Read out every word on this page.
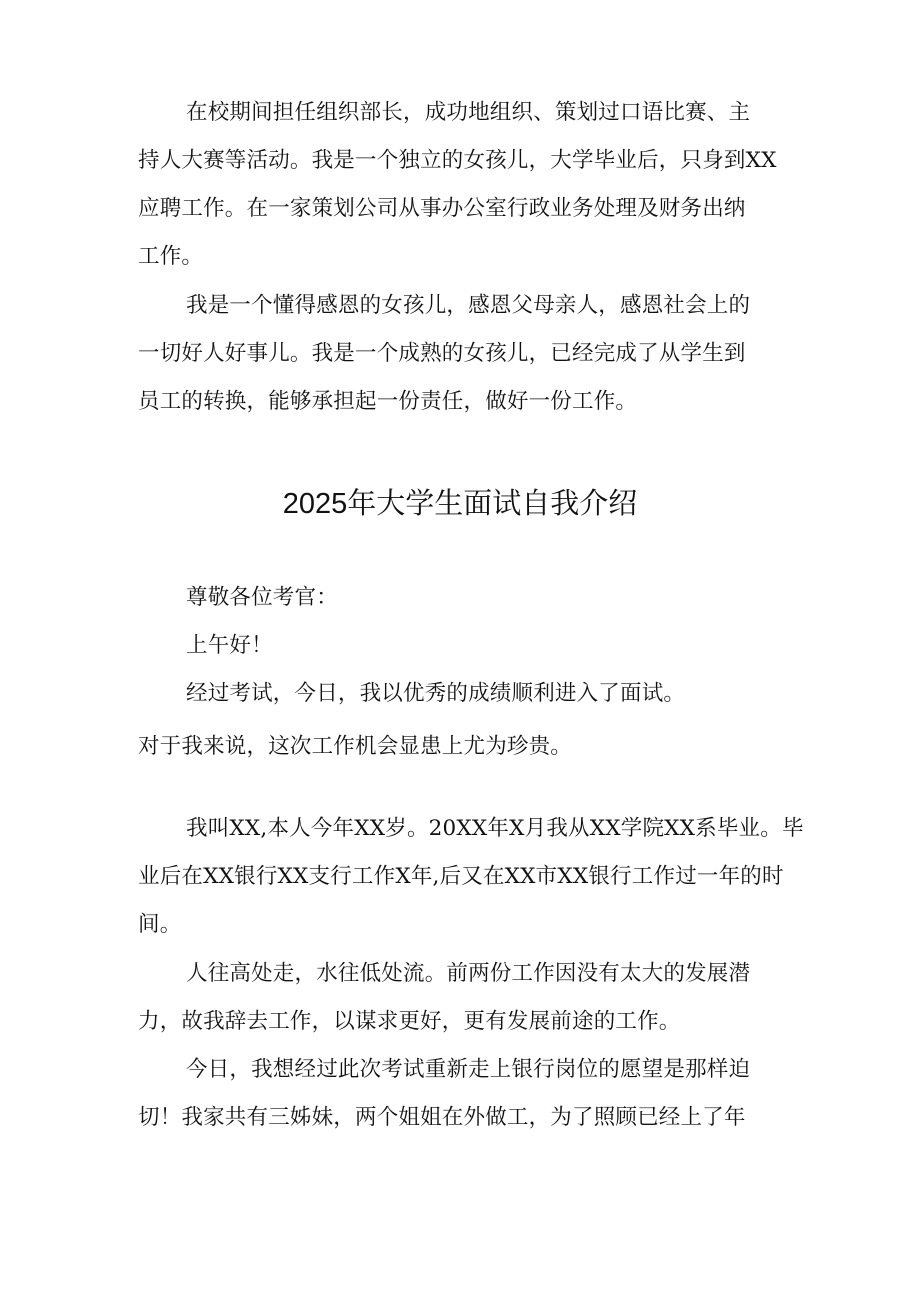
在校期间担任组织部长，成功地组织、策划过口语比赛、主
持人大赛等活动。我是一个独立的女孩儿，大学毕业后，只身到XX
应聘工作。在一家策划公司从事办公室行政业务处理及财务出纳
工作。
我是一个懂得感恩的女孩儿，感恩父母亲人，感恩社会上的
一切好人好事儿。我是一个成熟的女孩儿，已经完成了从学生到
员工的转换，能够承担起一份责任，做好一份工作。
2025年大学生面试自我介绍
尊敬各位考官：
上午好！
经过考试，今日，我以优秀的成绩顺利进入了面试。
对于我来说，这次工作机会显患上尤为珍贵。
我叫XX,本人今年XX岁。20XX年X月我从XX学院XX系毕业。毕
业后在XX银行XX支行工作X年,后又在XX市XX银行工作过一年的时
间。
人往高处走，水往低处流。前两份工作因没有太大的发展潜
力，故我辞去工作，以谋求更好，更有发展前途的工作。
今日，我想经过此次考试重新走上银行岗位的愿望是那样迫
切！我家共有三姊妹，两个姐姐在外做工，为了照顾已经上了年
